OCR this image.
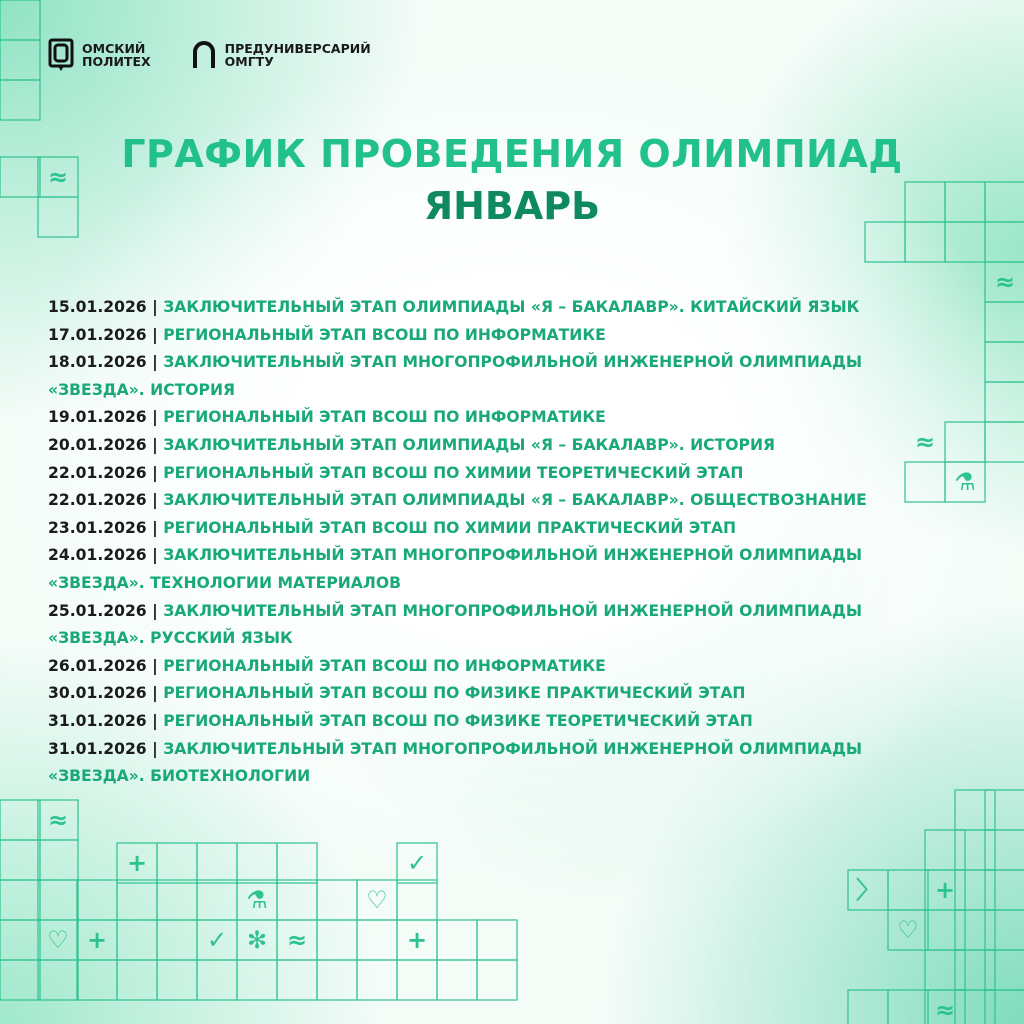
≈
≈
≈
⚗
≈
+	✓
⚗	♡
♡ +	✓ ✻ ≈	+
〉 +
♡
≈
ОМСКИЙ
ПОЛИТЕХ
ПРЕДУНИВЕРСАРИЙ
ОМГТУ
ГРАФИК ПРОВЕДЕНИЯ ОЛИМПИАД
ЯНВАРЬ
15.01.2026 | ЗАКЛЮЧИТЕЛЬНЫЙ ЭТАП ОЛИМПИАДЫ «Я – БАКАЛАВР». КИТАЙСКИЙ ЯЗЫК
17.01.2026 | РЕГИОНАЛЬНЫЙ ЭТАП ВСОШ ПО ИНФОРМАТИКЕ
18.01.2026 | ЗАКЛЮЧИТЕЛЬНЫЙ ЭТАП МНОГОПРОФИЛЬНОЙ ИНЖЕНЕРНОЙ ОЛИМПИАДЫ «ЗВЕЗДА». ИСТОРИЯ
19.01.2026 | РЕГИОНАЛЬНЫЙ ЭТАП ВСОШ ПО ИНФОРМАТИКЕ
20.01.2026 | ЗАКЛЮЧИТЕЛЬНЫЙ ЭТАП ОЛИМПИАДЫ «Я – БАКАЛАВР». ИСТОРИЯ
22.01.2026 | РЕГИОНАЛЬНЫЙ ЭТАП ВСОШ ПО ХИМИИ ТЕОРЕТИЧЕСКИЙ ЭТАП
22.01.2026 | ЗАКЛЮЧИТЕЛЬНЫЙ ЭТАП ОЛИМПИАДЫ «Я – БАКАЛАВР». ОБЩЕСТВОЗНАНИЕ
23.01.2026 | РЕГИОНАЛЬНЫЙ ЭТАП ВСОШ ПО ХИМИИ ПРАКТИЧЕСКИЙ ЭТАП
24.01.2026 | ЗАКЛЮЧИТЕЛЬНЫЙ ЭТАП МНОГОПРОФИЛЬНОЙ ИНЖЕНЕРНОЙ ОЛИМПИАДЫ «ЗВЕЗДА». ТЕХНОЛОГИИ МАТЕРИАЛОВ
25.01.2026 | ЗАКЛЮЧИТЕЛЬНЫЙ ЭТАП МНОГОПРОФИЛЬНОЙ ИНЖЕНЕРНОЙ ОЛИМПИАДЫ «ЗВЕЗДА». РУССКИЙ ЯЗЫК
26.01.2026 | РЕГИОНАЛЬНЫЙ ЭТАП ВСОШ ПО ИНФОРМАТИКЕ
30.01.2026 | РЕГИОНАЛЬНЫЙ ЭТАП ВСОШ ПО ФИЗИКЕ ПРАКТИЧЕСКИЙ ЭТАП
31.01.2026 | РЕГИОНАЛЬНЫЙ ЭТАП ВСОШ ПО ФИЗИКЕ ТЕОРЕТИЧЕСКИЙ ЭТАП
31.01.2026 | ЗАКЛЮЧИТЕЛЬНЫЙ ЭТАП МНОГОПРОФИЛЬНОЙ ИНЖЕНЕРНОЙ ОЛИМПИАДЫ «ЗВЕЗДА». БИОТЕХНОЛОГИИ
